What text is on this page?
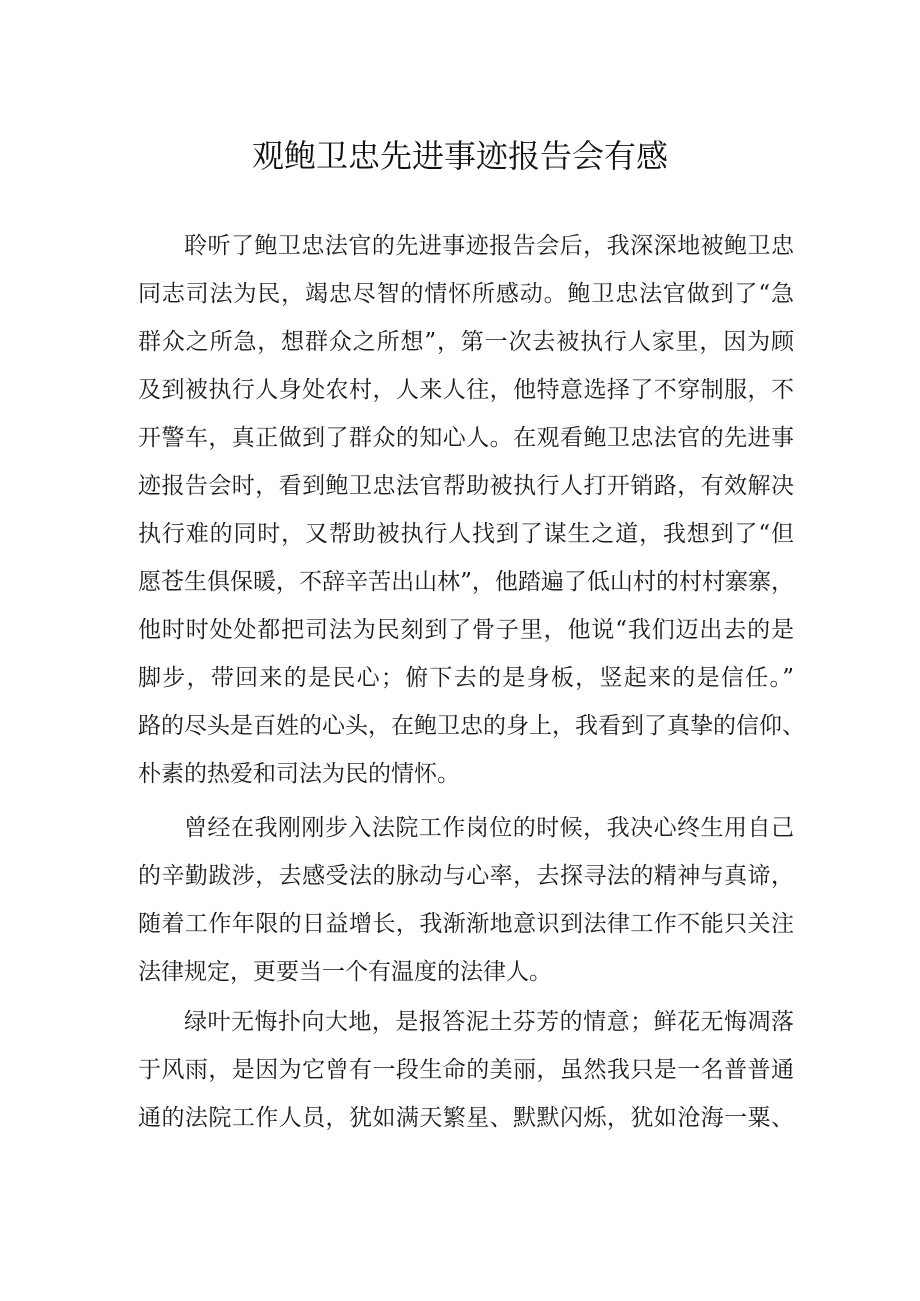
观鲍卫忠先进事迹报告会有感
聆听了鲍卫忠法官的先进事迹报告会后，我深深地被鲍卫忠
同志司法为民，竭忠尽智的情怀所感动。鲍卫忠法官做到了“急
群众之所急，想群众之所想”，第一次去被执行人家里，因为顾
及到被执行人身处农村，人来人往，他特意选择了不穿制服，不
开警车，真正做到了群众的知心人。在观看鲍卫忠法官的先进事
迹报告会时，看到鲍卫忠法官帮助被执行人打开销路，有效解决
执行难的同时，又帮助被执行人找到了谋生之道，我想到了“但
愿苍生俱保暖，不辞辛苦出山林”，他踏遍了低山村的村村寨寨，
他时时处处都把司法为民刻到了骨子里，他说“我们迈出去的是
脚步，带回来的是民心；俯下去的是身板，竖起来的是信任。”
路的尽头是百姓的心头，在鲍卫忠的身上，我看到了真挚的信仰、
朴素的热爱和司法为民的情怀。
曾经在我刚刚步入法院工作岗位的时候，我决心终生用自己
的辛勤跋涉，去感受法的脉动与心率，去探寻法的精神与真谛，
随着工作年限的日益增长，我渐渐地意识到法律工作不能只关注
法律规定，更要当一个有温度的法律人。
绿叶无悔扑向大地，是报答泥土芬芳的情意；鲜花无悔凋落
于风雨，是因为它曾有一段生命的美丽，虽然我只是一名普普通
通的法院工作人员，犹如满天繁星、默默闪烁，犹如沧海一粟、
